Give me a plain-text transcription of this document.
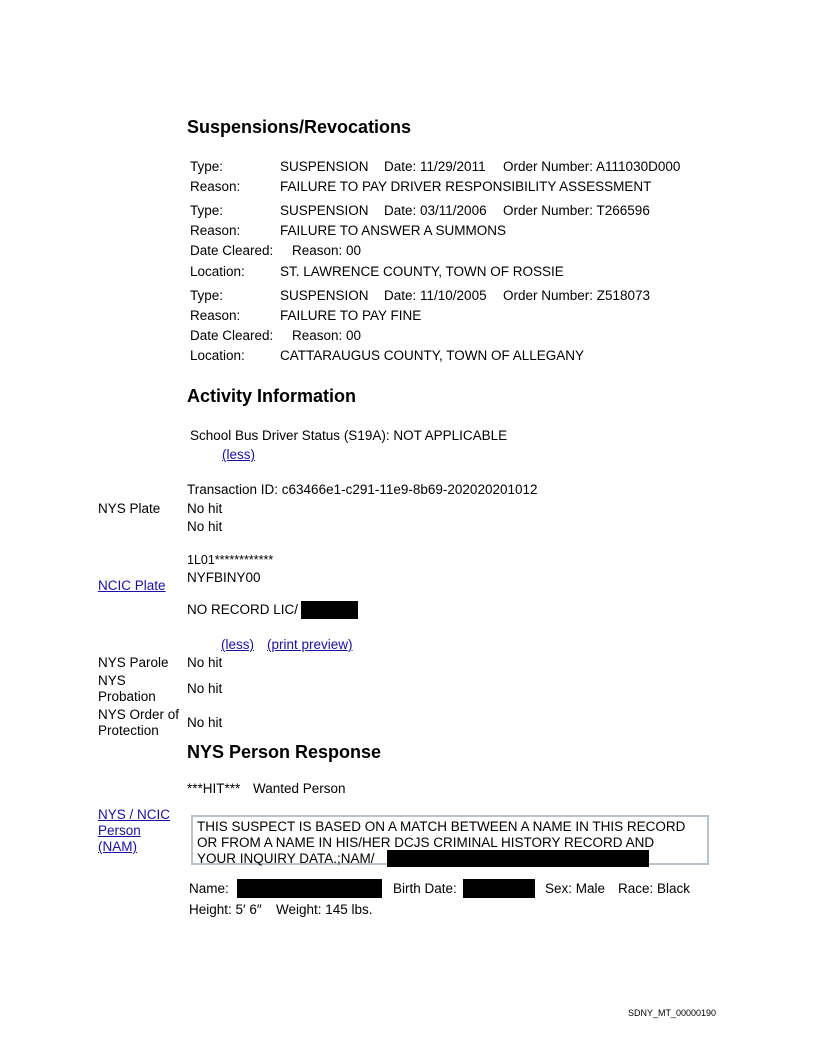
Suspensions/Revocations
Type:	SUSPENSION Date: 11/29/2011 Order Number: A111030D000
Reason:	FAILURE TO PAY DRIVER RESPONSIBILITY ASSESSMENT
Type:	SUSPENSION Date: 03/11/2006 Order Number: T266596
Reason:	FAILURE TO ANSWER A SUMMONS
Date Cleared: Reason: 00
Location:	ST. LAWRENCE COUNTY, TOWN OF ROSSIE
Type:	SUSPENSION Date: 11/10/2005 Order Number: Z518073
Reason:	FAILURE TO PAY FINE
Date Cleared: Reason: 00
Location:	CATTARAUGUS COUNTY, TOWN OF ALLEGANY
Activity Information
School Bus Driver Status (S19A): NOT APPLICABLE
(less)
Transaction ID: c63466e1-c291-11e9-8b69-202020201012
NYS Plate No hit
No hit
1L01************
NYFBINY00
NCIC Plate
NO RECORD LIC/
(less) (print preview)
NYS Parole No hit
NYS
Probation
No hit
NYS Order of
Protection
No hit
NYS Person Response
***HIT*** Wanted Person
NYS / NCIC
Person
(NAM)
THIS SUSPECT IS BASED ON A MATCH BETWEEN A NAME IN THIS RECORD
OR FROM A NAME IN HIS/HER DCJS CRIMINAL HISTORY RECORD AND
YOUR INQUIRY DATA.;NAM/
Name:	Birth Date:	Sex: Male Race: Black
Height: 5′ 6″ Weight: 145 lbs.
SDNY_MT_00000190
